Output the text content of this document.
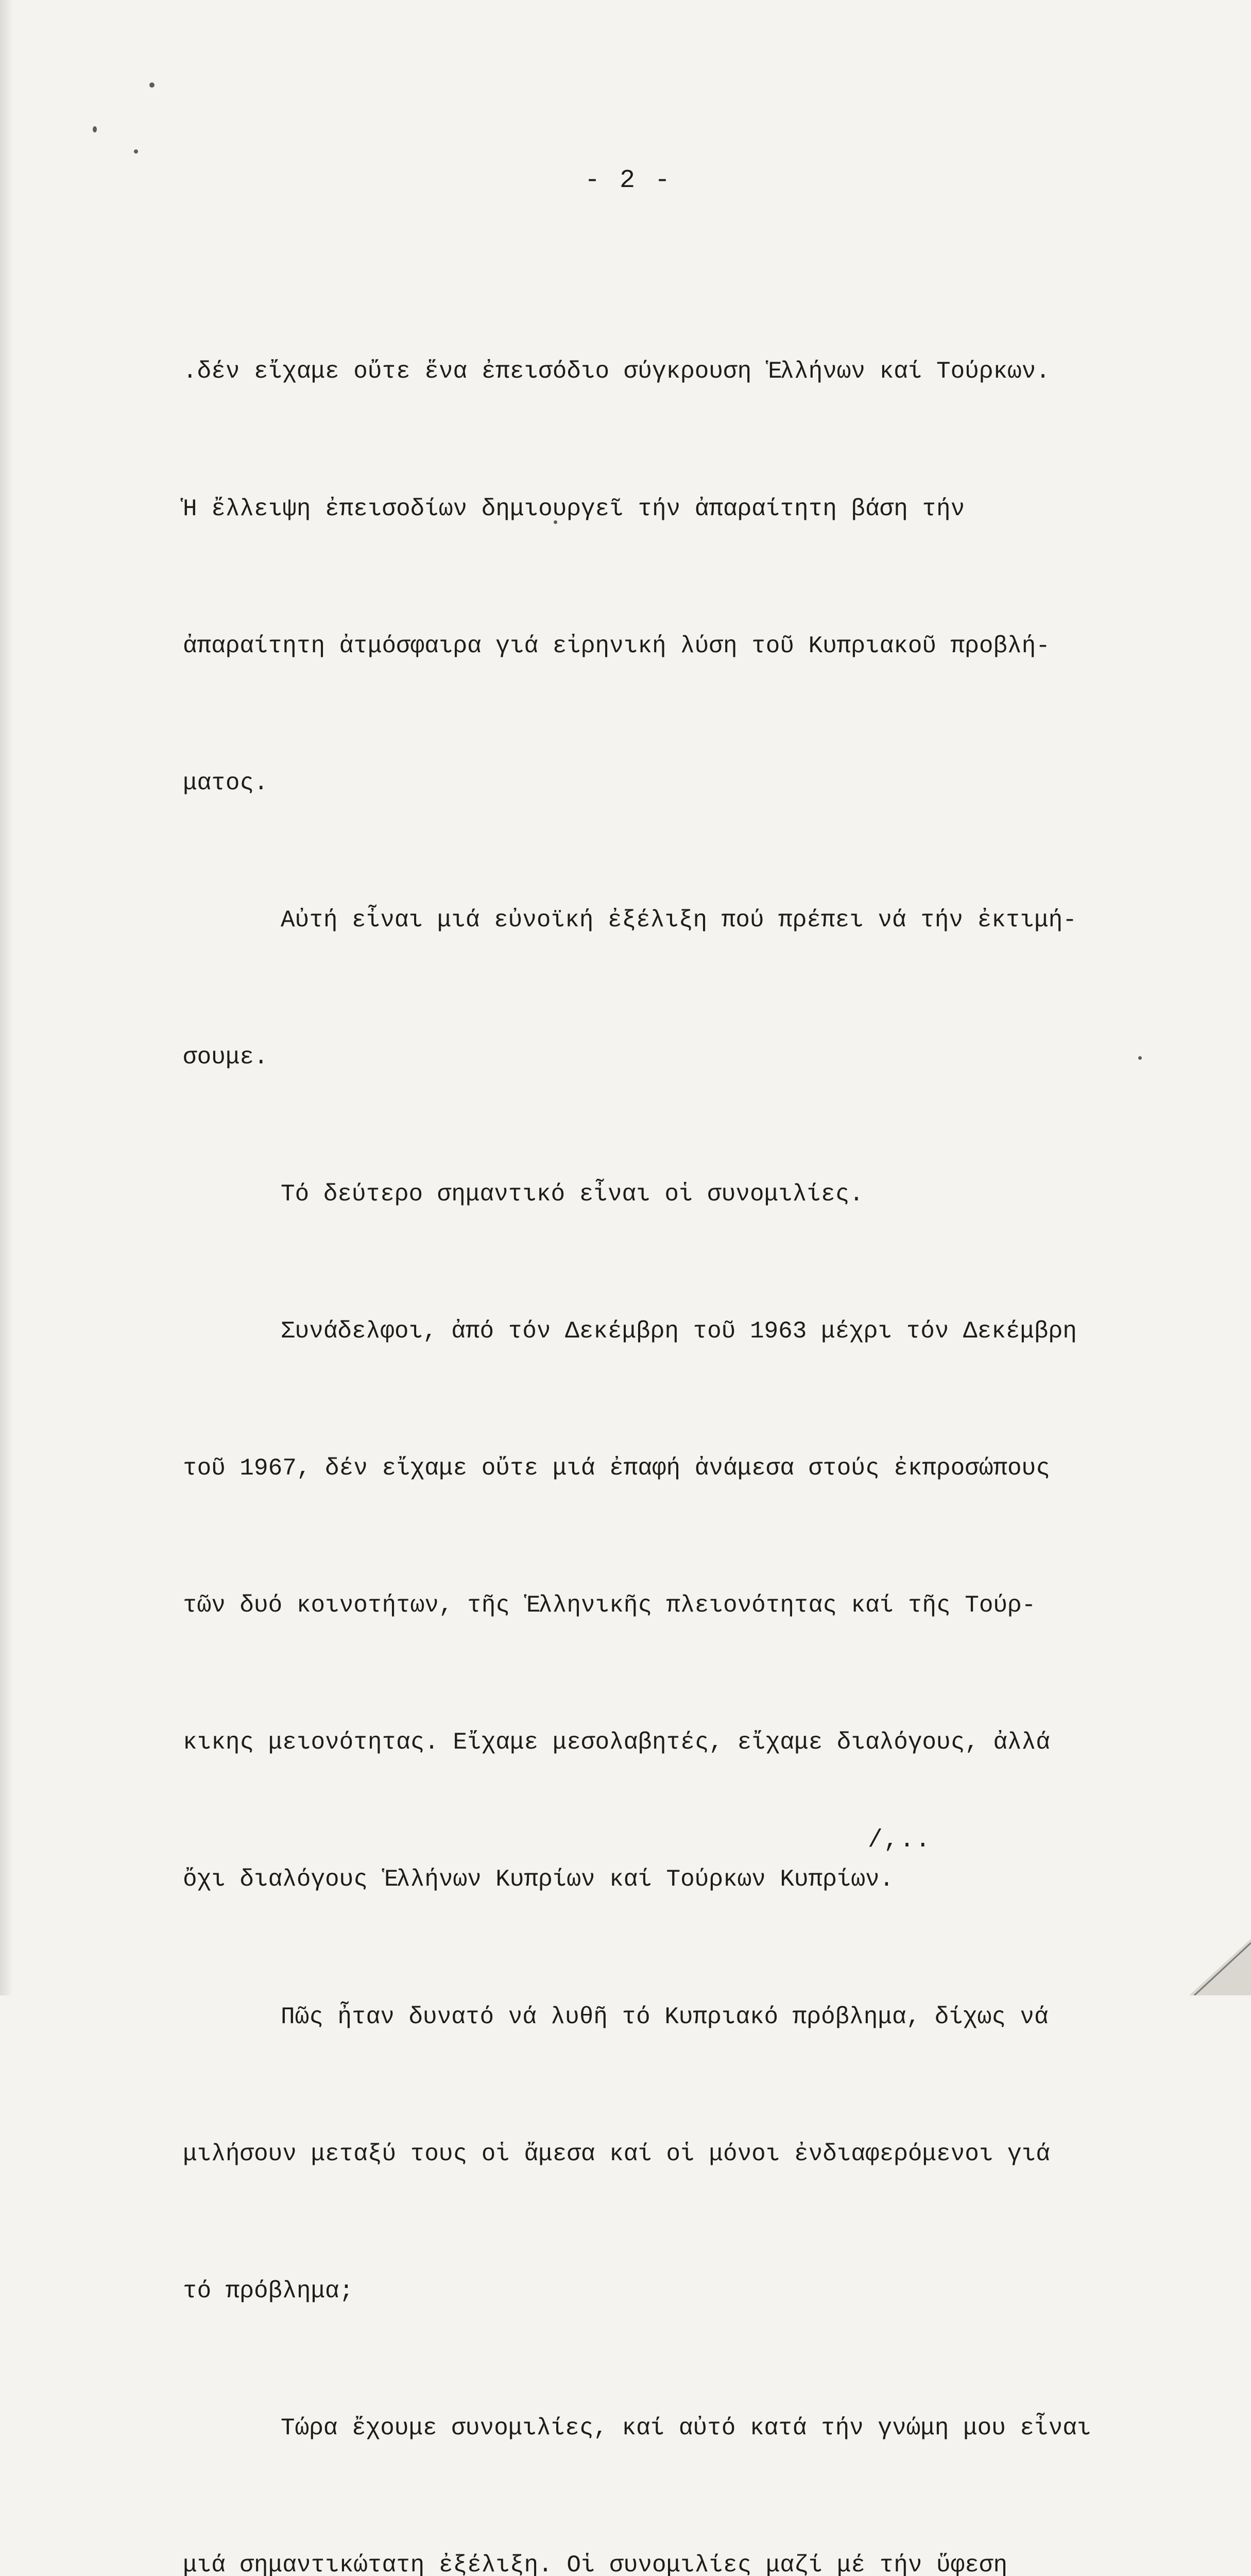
- 2 -

.δέν εἴχαμε οὔτε ἕνα ἐπεισόδιο σύγκρουση Ἑλλήνων καί Τούρκων.

Ἡ ἔλλειψη ἐπεισοδίων δημιουργεῖ τήν ἀπαραίτητη βάση τήν

ἀπαραίτητη ἀτμόσφαιρα γιά εἰρηνική λύση τοῦ Κυπριακοῦ προβλή-

ματος.

Αὐτή εἶναι μιά εὐνοϊκή ἐξέλιξη πού πρέπει νά τήν ἐκτιμή-

σουμε.

Τό δεύτερο σημαντικό εἶναι οἱ συνομιλίες.

Συνάδελφοι, ἀπό τόν Δεκέμβρη τοῦ 1963 μέχρι τόν Δεκέμβρη

τοῦ 1967, δέν εἴχαμε οὔτε μιά ἐπαφή ἀνάμεσα στούς ἐκπροσώπους

τῶν δυό κοινοτήτων, τῆς Ἑλληνικῆς πλειονότητας καί τῆς Τούρ-

κικης μειονότητας. Εἴχαμε μεσολαβητές, εἴχαμε διαλόγους, ἀλλά

ὄχι διαλόγους Ἑλλήνων Κυπρίων καί Τούρκων Κυπρίων.

Πῶς ἦταν δυνατό νά λυθῆ τό Κυπριακό πρόβλημα, δίχως νά

μιλήσουν μεταξύ τους οἱ ἄμεσα καί οἱ μόνοι ἐνδιαφερόμενοι γιά

τό πρόβλημα;

Τώρα ἔχουμε συνομιλίες, καί αὐτό κατά τήν γνώμη μου εἶναι

μιά σημαντικώτατη ἐξέλιξη. Οἱ συνομιλίες μαζί μέ τήν ὕφεση

/,..
